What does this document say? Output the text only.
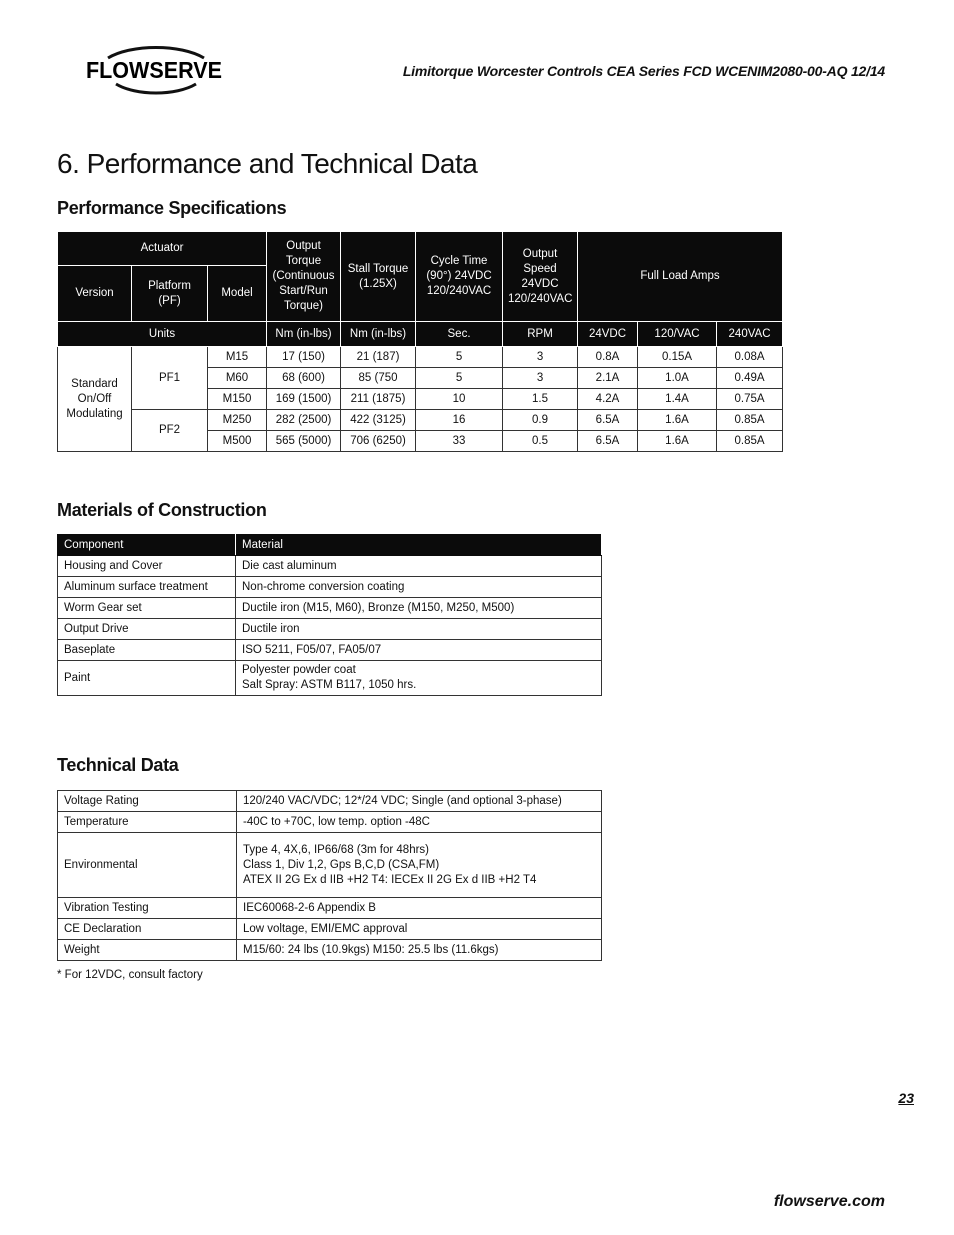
FLOWSERVE	Limitorque Worcester Controls CEA Series FCD WCENIM2080-00-AQ 12/14
6. Performance and Technical Data
Performance Specifications
Actuator			Output Torque (Continuous Start/Run Torque)	Stall Torque (1.25X)	Cycle Time (90°) 24VDC 120/240VAC	Output Speed 24VDC 120/240VAC	Full Load Amps		
Version	Platform (PF)	Model							
Units			Nm (in-lbs)	Nm (in-lbs)	Sec.	RPM	24VDC	120/VAC	240VAC
Standard On/Off Modulating	PF1	M15	17 (150)	21 (187)	5	3	0.8A	0.15A	0.08A
		M60	68 (600)	85 (750	5	3	2.1A	1.0A	0.49A
		M150	169 (1500)	211 (1875)	10	1.5	4.2A	1.4A	0.75A
	PF2	M250	282 (2500)	422 (3125)	16	0.9	6.5A	1.6A	0.85A
		M500	565 (5000)	706 (6250)	33	0.5	6.5A	1.6A	0.85A
Materials of Construction
Component	Material
Housing and Cover	Die cast aluminum
Aluminum surface treatment	Non-chrome conversion coating
Worm Gear set	Ductile iron (M15, M60), Bronze (M150, M250, M500)
Output Drive	Ductile iron
Baseplate	ISO 5211, F05/07, FA05/07
Paint	Polyester powder coat
Salt Spray: ASTM B117, 1050 hrs.
Technical Data
Voltage Rating	120/240 VAC/VDC; 12*/24 VDC; Single (and optional 3-phase)
Temperature	-40C to +70C, low temp. option -48C
Environmental	Type 4, 4X,6, IP66/68 (3m for 48hrs)
Class 1, Div 1,2, Gps B,C,D (CSA,FM)
ATEX II 2G Ex d IIB +H2 T4: IECEx II 2G Ex d IIB +H2 T4

Vibration Testing	IEC60068-2-6 Appendix B
CE Declaration	Low voltage, EMI/EMC approval
Weight	M15/60: 24 lbs (10.9kgs) M150: 25.5 lbs (11.6kgs)
* For 12VDC, consult factory
23
flowserve.com
